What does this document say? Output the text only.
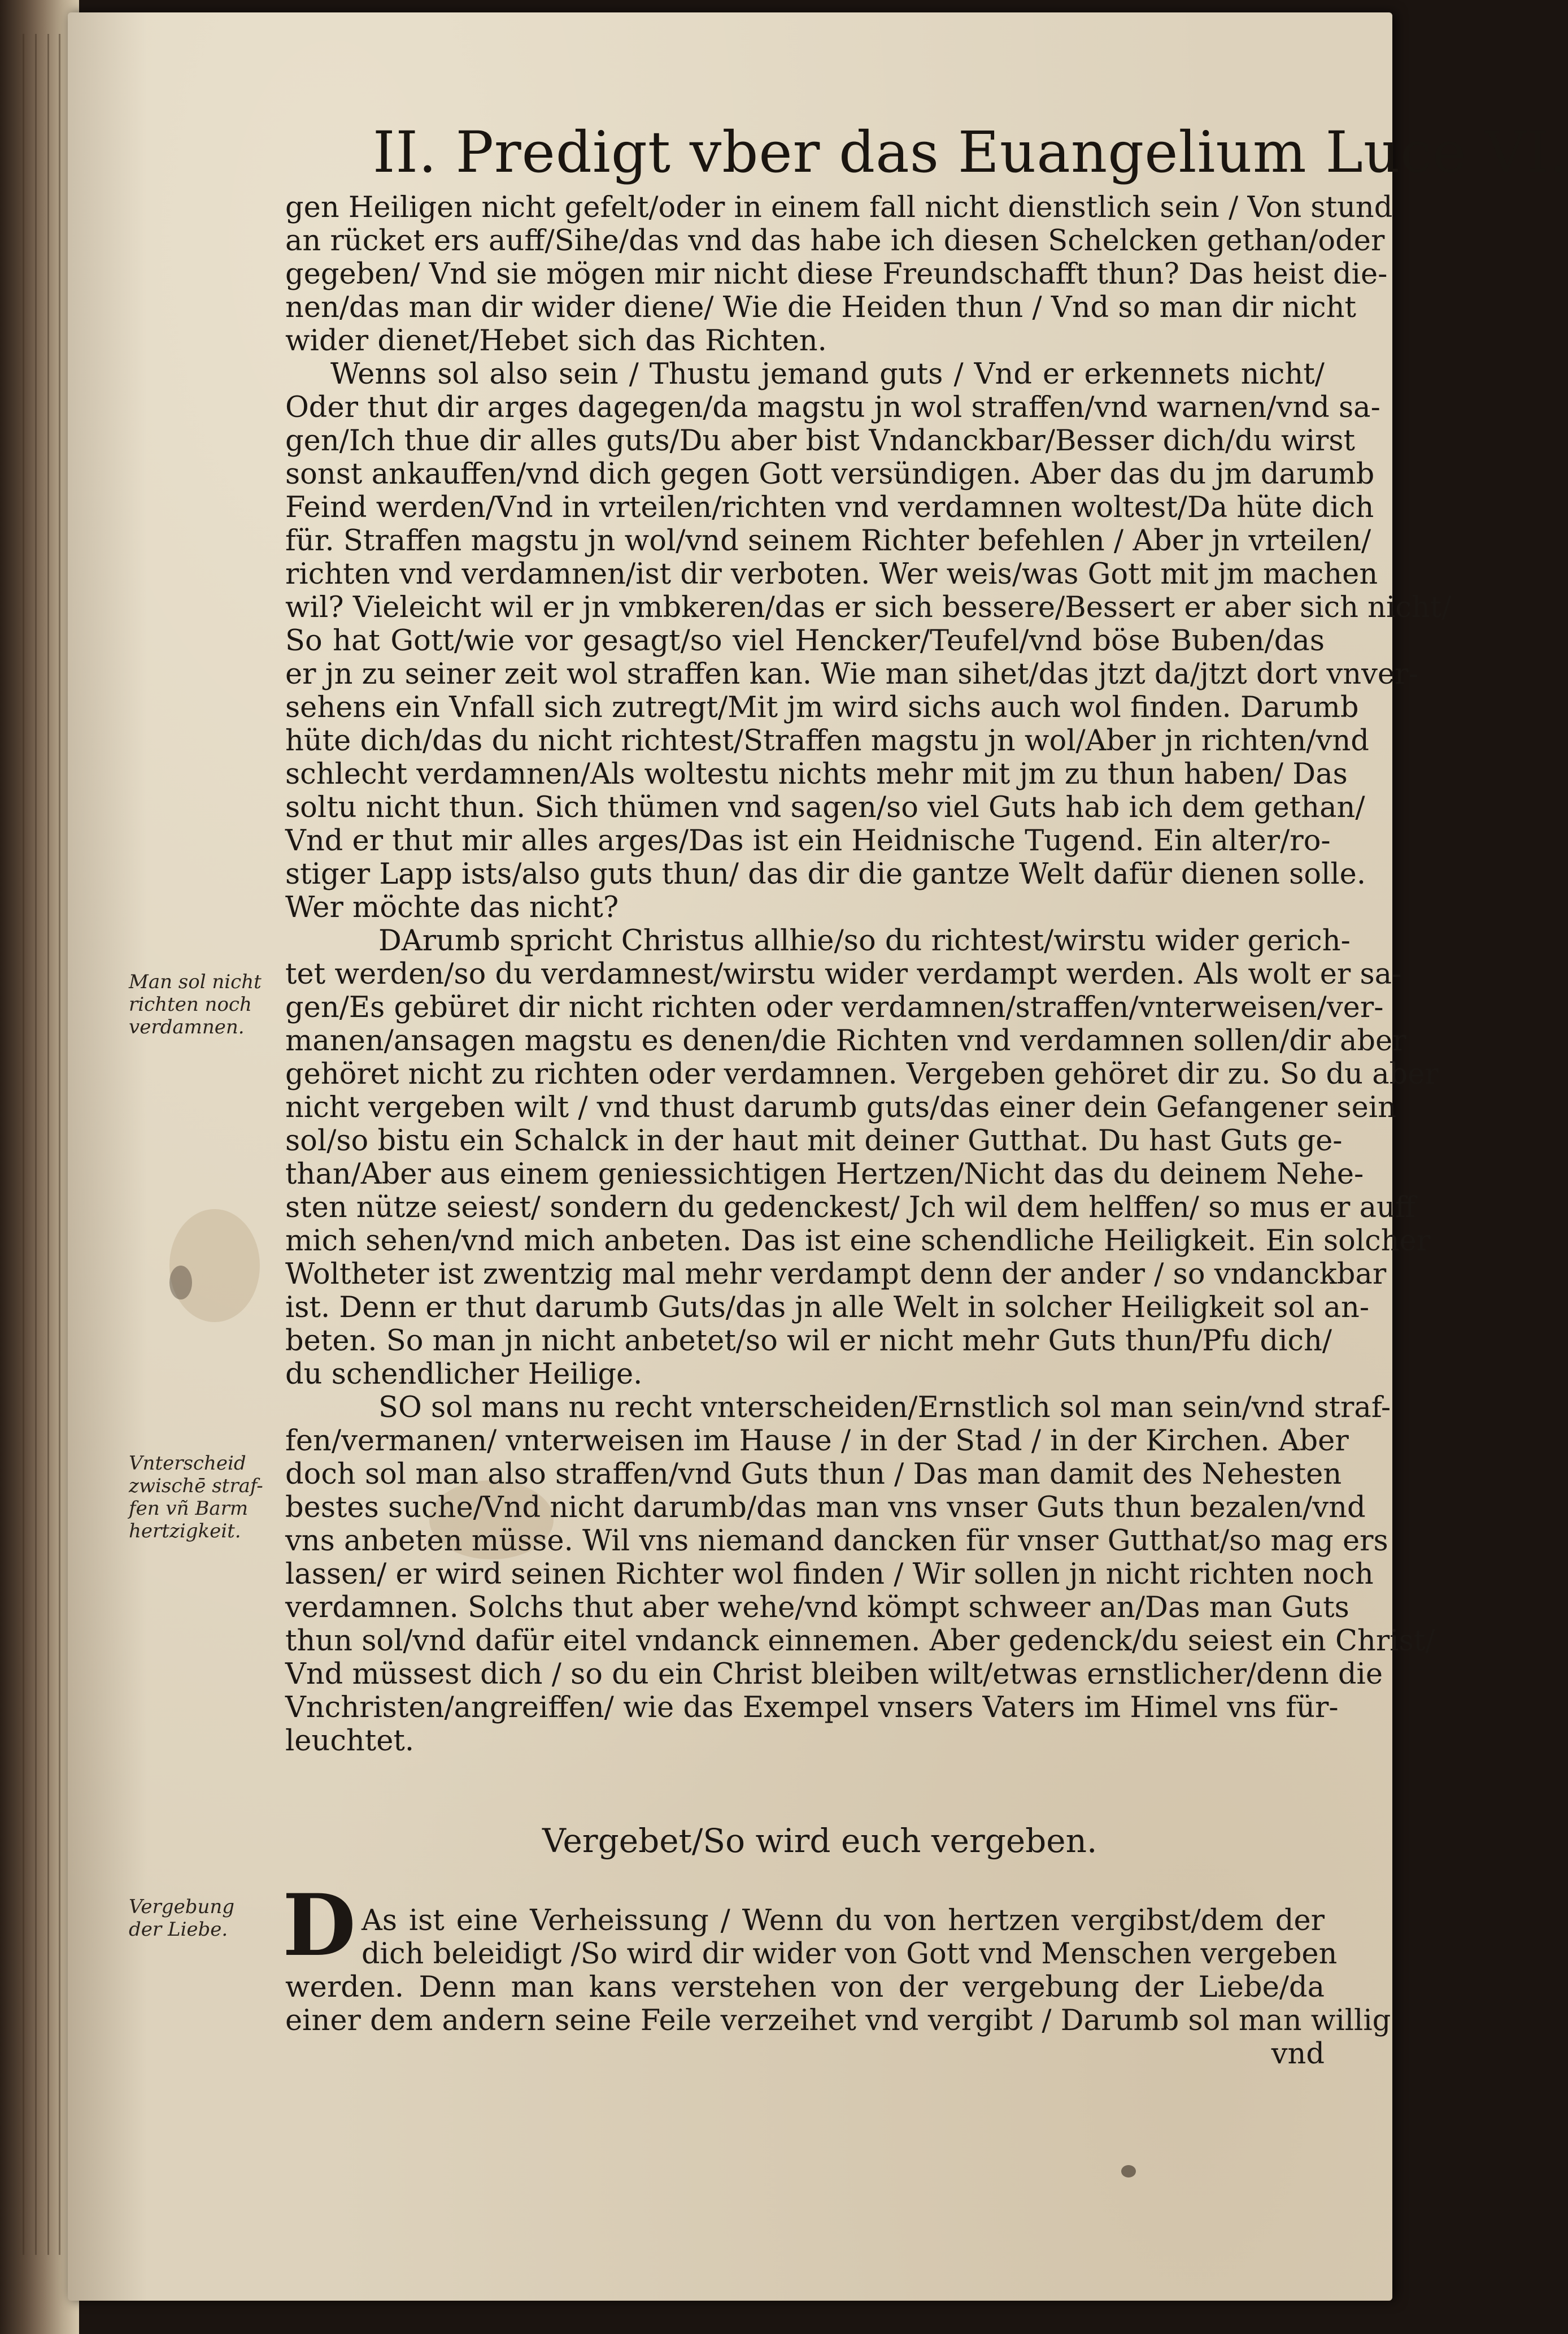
II. Predigt vber das Euangelium Luce VI.
Man sol nicht
richten noch
verdamnen.
Vnterscheid
zwischē straf-
fen vñ Barm
hertzigkeit.
Vergebung
der Liebe.
gen Heiligen nicht gefelt/oder in einem fall nicht dienstlich sein / Von stund
an rücket ers auff/Sihe/das vnd das habe ich diesen Schelcken gethan/oder
gegeben/ Vnd sie mögen mir nicht diese Freundschafft thun? Das heist die-
nen/das man dir wider diene/ Wie die Heiden thun / Vnd so man dir nicht
wider dienet/Hebet sich das Richten.
Wenns sol also sein / Thustu jemand guts / Vnd er erkennets nicht/
Oder thut dir arges dagegen/da magstu jn wol straffen/vnd warnen/vnd sa-
gen/Ich thue dir alles guts/Du aber bist Vndanckbar/Besser dich/du wirst
sonst ankauffen/vnd dich gegen Gott versündigen. Aber das du jm darumb
Feind werden/Vnd in vrteilen/richten vnd verdamnen woltest/Da hüte dich
für. Straffen magstu jn wol/vnd seinem Richter befehlen / Aber jn vrteilen/
richten vnd verdamnen/ist dir verboten. Wer weis/was Gott mit jm machen
wil? Vieleicht wil er jn vmbkeren/das er sich bessere/Bessert er aber sich nicht/
So hat Gott/wie vor gesagt/so viel Hencker/Teufel/vnd böse Buben/das
er jn zu seiner zeit wol straffen kan. Wie man sihet/das jtzt da/jtzt dort vnver-
sehens ein Vnfall sich zutregt/Mit jm wird sichs auch wol finden. Darumb
hüte dich/das du nicht richtest/Straffen magstu jn wol/Aber jn richten/vnd
schlecht verdamnen/Als woltestu nichts mehr mit jm zu thun haben/ Das
soltu nicht thun. Sich thümen vnd sagen/so viel Guts hab ich dem gethan/
Vnd er thut mir alles arges/Das ist ein Heidnische Tugend. Ein alter/ro-
stiger Lapp ists/also guts thun/ das dir die gantze Welt dafür dienen solle.
Wer möchte das nicht?
DArumb spricht Christus allhie/so du richtest/wirstu wider gerich-
tet werden/so du verdamnest/wirstu wider verdampt werden. Als wolt er sa-
gen/Es gebüret dir nicht richten oder verdamnen/straffen/vnterweisen/ver-
manen/ansagen magstu es denen/die Richten vnd verdamnen sollen/dir aber
gehöret nicht zu richten oder verdamnen. Vergeben gehöret dir zu. So du aber
nicht vergeben wilt / vnd thust darumb guts/das einer dein Gefangener sein
sol/so bistu ein Schalck in der haut mit deiner Gutthat. Du hast Guts ge-
than/Aber aus einem geniessichtigen Hertzen/Nicht das du deinem Nehe-
sten nütze seiest/ sondern du gedenckest/ Jch wil dem helffen/ so mus er auff
mich sehen/vnd mich anbeten. Das ist eine schendliche Heiligkeit. Ein solcher
Woltheter ist zwentzig mal mehr verdampt denn der ander / so vndanckbar
ist. Denn er thut darumb Guts/das jn alle Welt in solcher Heiligkeit sol an-
beten. So man jn nicht anbetet/so wil er nicht mehr Guts thun/Pfu dich/
du schendlicher Heilige.
SO sol mans nu recht vnterscheiden/Ernstlich sol man sein/vnd straf-
fen/vermanen/ vnterweisen im Hause / in der Stad / in der Kirchen. Aber
doch sol man also straffen/vnd Guts thun / Das man damit des Nehesten
bestes suche/Vnd nicht darumb/das man vns vnser Guts thun bezalen/vnd
vns anbeten müsse. Wil vns niemand dancken für vnser Gutthat/so mag ers
lassen/ er wird seinen Richter wol finden / Wir sollen jn nicht richten noch
verdamnen. Solchs thut aber wehe/vnd kömpt schweer an/Das man Guts
thun sol/vnd dafür eitel vndanck einnemen. Aber gedenck/du seiest ein Christ/
Vnd müssest dich / so du ein Christ bleiben wilt/etwas ernstlicher/denn die
Vnchristen/angreiffen/ wie das Exempel vnsers Vaters im Himel vns für-
leuchtet.
Vergebet/So wird euch vergeben.
D As ist eine Verheissung / Wenn du von hertzen vergibst/dem der
dich beleidigt /So wird dir wider von Gott vnd Menschen vergeben
werden. Denn man kans verstehen von der vergebung der Liebe/da
einer dem andern seine Feile verzeihet vnd vergibt / Darumb sol man willig
vnd
